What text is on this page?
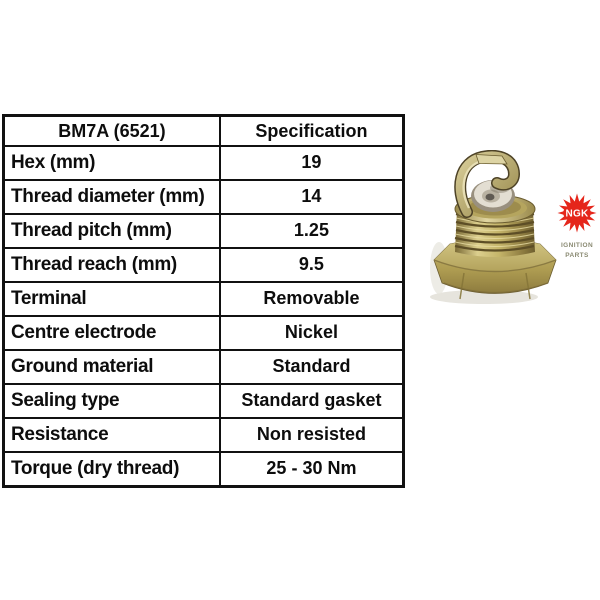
BM7A (6521)	Specification
Hex (mm)	19
Thread diameter (mm)	14
Thread pitch (mm)	1.25
Thread reach (mm)	9.5
Terminal	Removable
Centre electrode	Nickel
Ground material	Standard
Sealing type	Standard gasket
Resistance	Non resisted
Torque (dry thread)	25 - 30 Nm
NGK
IGNITION
PARTS
